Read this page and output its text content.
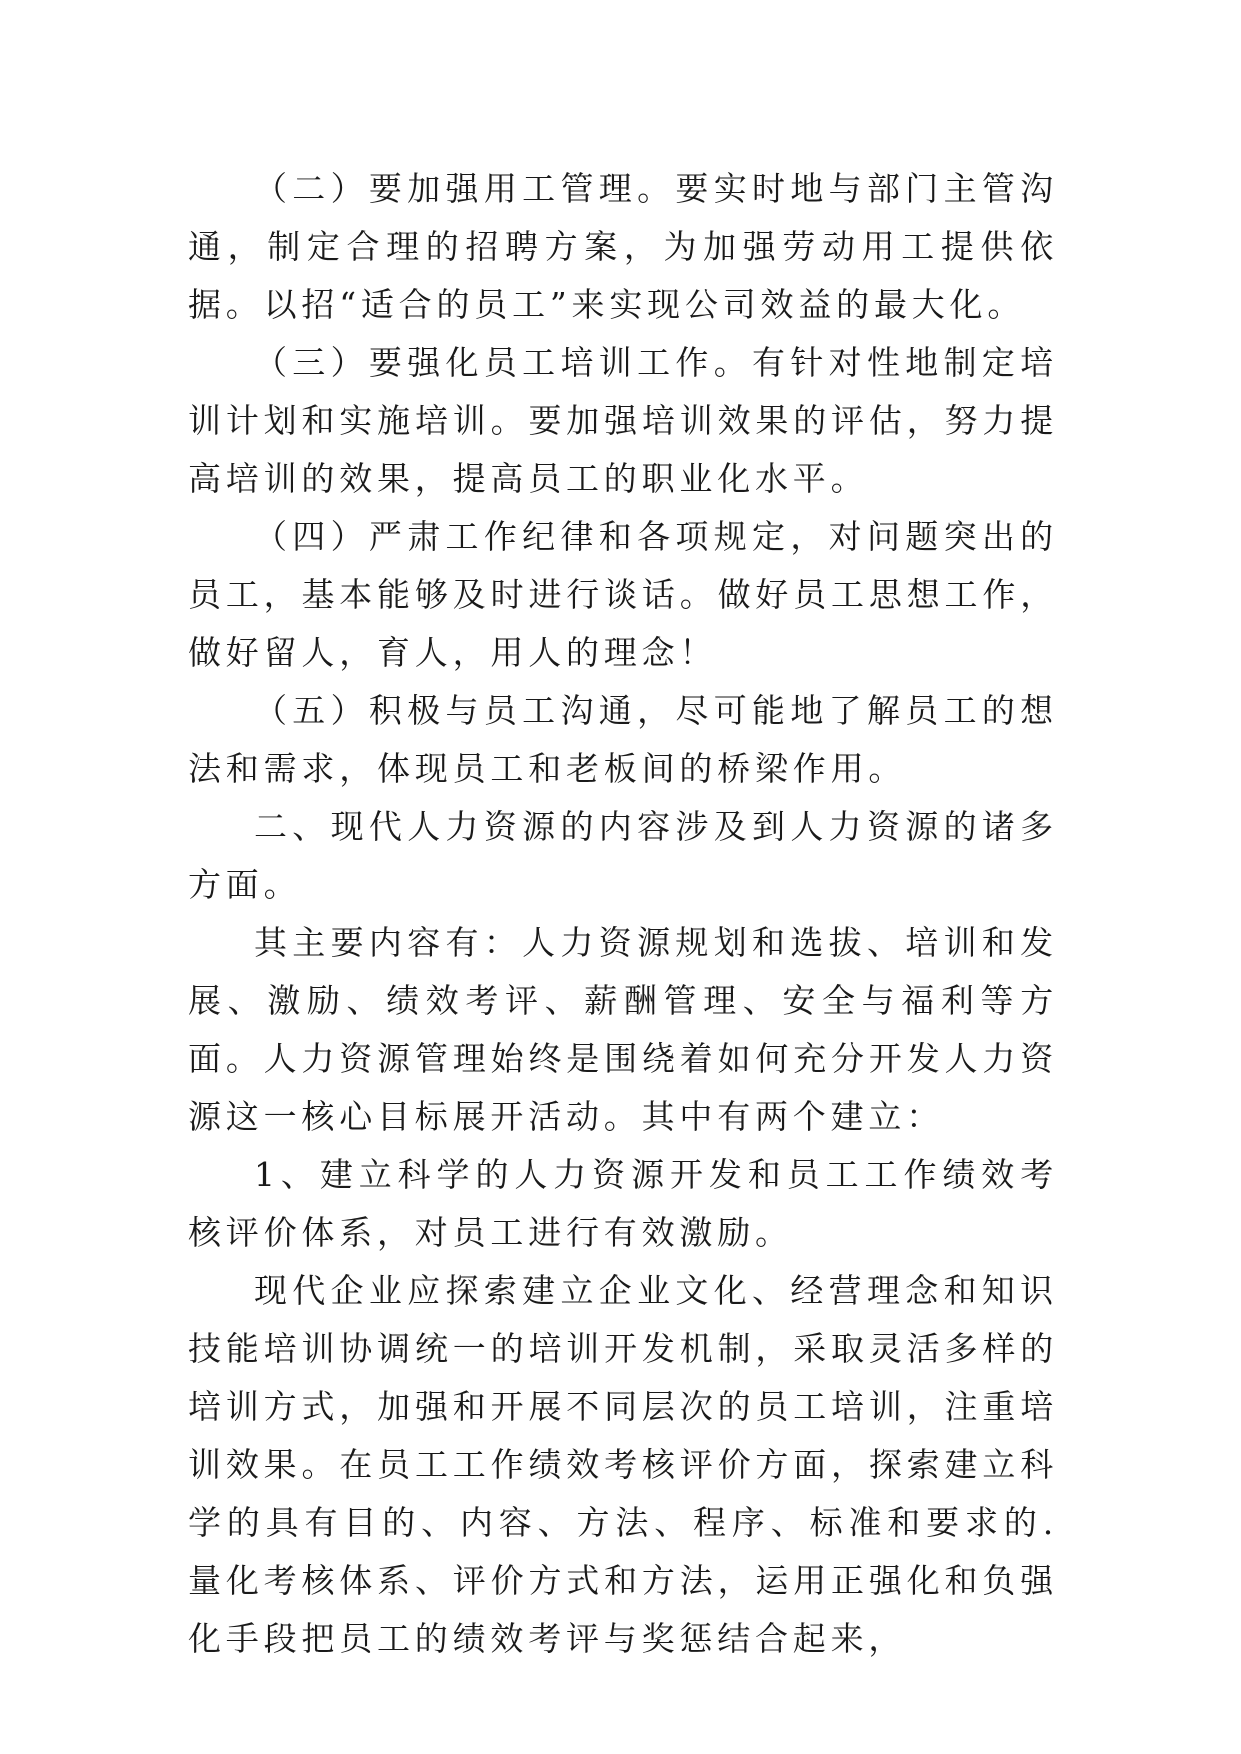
（二）要加强用工管理。要实时地与部门主管沟通，制定合理的招聘方案，为加强劳动用工提供依据。以招“适合的员工”来实现公司效益的最大化。

（三）要强化员工培训工作。有针对性地制定培训计划和实施培训。要加强培训效果的评估，努力提高培训的效果，提高员工的职业化水平。

（四）严肃工作纪律和各项规定，对问题突出的员工，基本能够及时进行谈话。做好员工思想工作，做好留人，育人，用人的理念！

（五）积极与员工沟通，尽可能地了解员工的想法和需求，体现员工和老板间的桥梁作用。

二、现代人力资源的内容涉及到人力资源的诸多方面。

其主要内容有：人力资源规划和选拔、培训和发展、激励、绩效考评、薪酬管理、安全与福利等方面。人力资源管理始终是围绕着如何充分开发人力资源这一核心目标展开活动。其中有两个建立：

1、建立科学的人力资源开发和员工工作绩效考核评价体系，对员工进行有效激励。

现代企业应探索建立企业文化、经营理念和知识技能培训协调统一的培训开发机制，采取灵活多样的培训方式，加强和开展不同层次的员工培训，注重培训效果。在员工工作绩效考核评价方面，探索建立科学的具有目的、内容、方法、程序、标准和要求的.量化考核体系、评价方式和方法，运用正强化和负强化手段把员工的绩效考评与奖惩结合起来，
